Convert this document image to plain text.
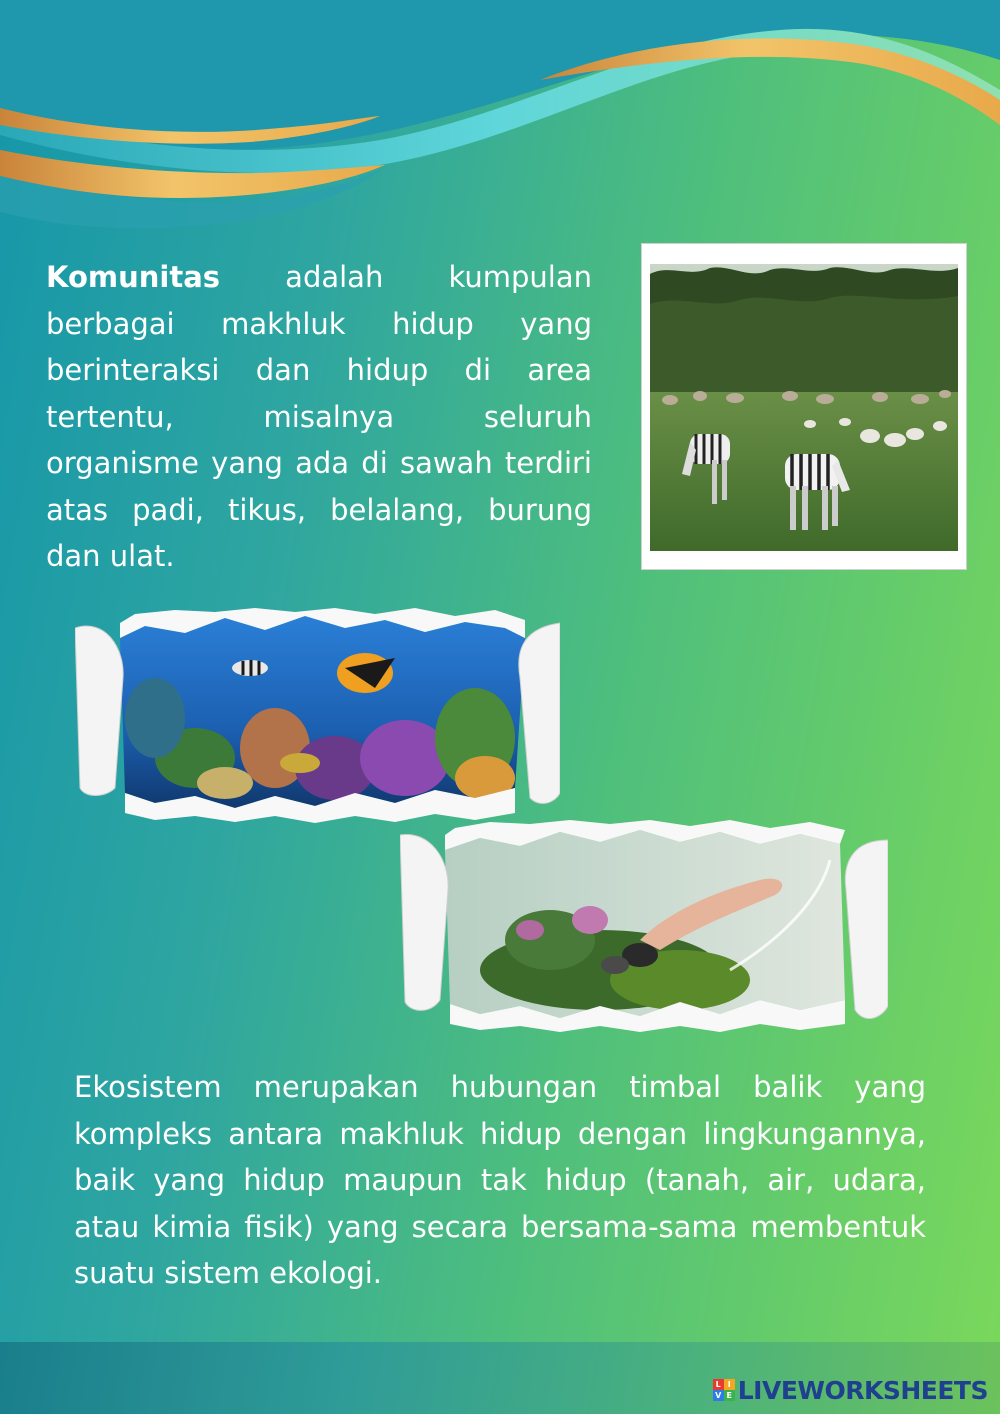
Komunitas adalah kumpulan berbagai makhluk hidup yang berinteraksi dan hidup di area tertentu, misalnya seluruh organisme yang ada di sawah terdiri atas padi, tikus, belalang, burung dan ulat.

Ekosistem merupakan hubungan timbal balik yang kompleks antara makhluk hidup dengan lingkungannya, baik yang hidup maupun tak hidup (tanah, air, udara, atau kimia fisik) yang secara bersama-sama membentuk suatu sistem ekologi.

L I
V E LIVEWORKSHEETS
